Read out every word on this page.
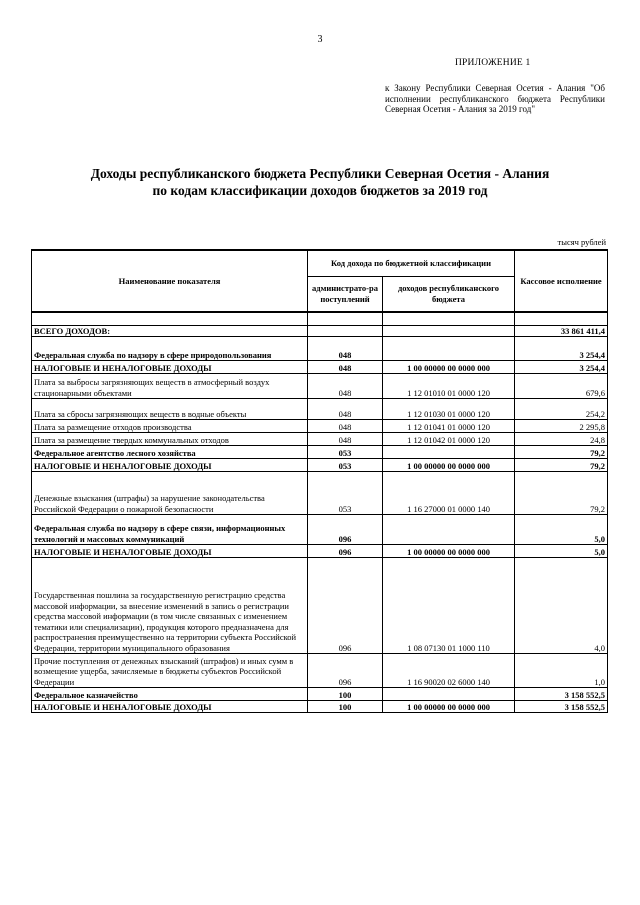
3
ПРИЛОЖЕНИЕ 1
к Закону Республики Северная Осетия - Алания "Об исполнении республиканского бюджета Республики Северная Осетия - Алания за 2019 год"
Доходы республиканского бюджета Республики Северная Осетия - Алания
по кодам классификации доходов бюджетов за 2019 год
тысяч рублей
Наименование показателя	Код дохода по бюджетной классификации		Кассовое исполнение
	администрато-ра поступлений	доходов республиканского бюджета	

ВСЕГО ДОХОДОВ:			33 861 411,4
Федеральная служба по надзору в сфере природопользования	048		3 254,4
НАЛОГОВЫЕ И НЕНАЛОГОВЫЕ ДОХОДЫ	048	1 00 00000 00 0000 000	3 254,4
Плата за выбросы загрязняющих веществ в атмосферный воздух стационарными объектами	048	1 12 01010 01 0000 120	679,6
Плата за сбросы загрязняющих веществ в водные объекты	048	1 12 01030 01 0000 120	254,2
Плата за размещение отходов производства	048	1 12 01041 01 0000 120	2 295,8
Плата за размещение твердых коммунальных отходов	048	1 12 01042 01 0000 120	24,8
Федеральное агентство лесного хозяйства	053		79,2
НАЛОГОВЫЕ И НЕНАЛОГОВЫЕ ДОХОДЫ	053	1 00 00000 00 0000 000	79,2
Денежные взыскания (штрафы) за нарушение законодательства Российской Федерации о пожарной безопасности	053	1 16 27000 01 0000 140	79,2
Федеральная служба по надзору в сфере связи, информационных технологий и массовых коммуникаций	096		5,0
НАЛОГОВЫЕ И НЕНАЛОГОВЫЕ ДОХОДЫ	096	1 00 00000 00 0000 000	5,0
Государственная пошлина за государственную регистрацию средства массовой информации, за внесение изменений в запись о регистрации средства массовой информации (в том числе связанных с изменением тематики или специализации), продукция которого предназначена для распространения преимущественно на территории субъекта Российской Федерации, территории муниципального образования	096	1 08 07130 01 1000 110	4,0
Прочие поступления от денежных взысканий (штрафов) и иных сумм в возмещение ущерба, зачисляемые в бюджеты субъектов Российской Федерации	096	1 16 90020 02 6000 140	1,0
Федеральное казначейство	100		3 158 552,5
НАЛОГОВЫЕ И НЕНАЛОГОВЫЕ ДОХОДЫ	100	1 00 00000 00 0000 000	3 158 552,5
